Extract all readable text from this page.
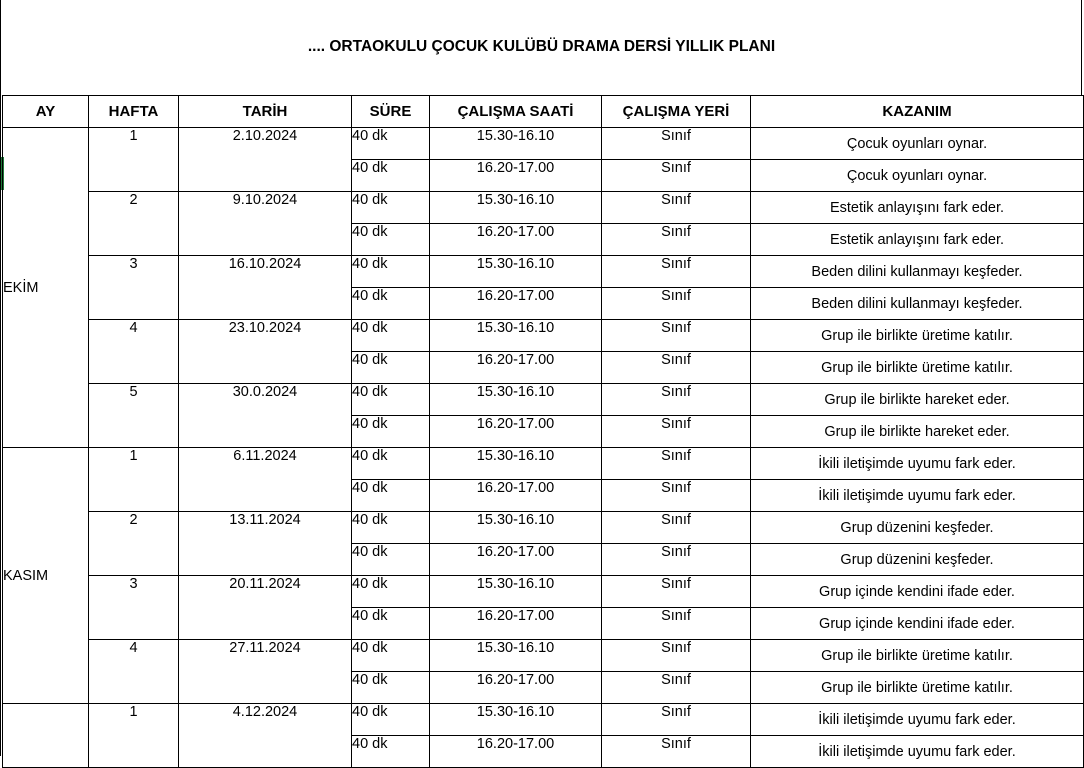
.... ORTAOKULU ÇOCUK KULÜBÜ DRAMA DERSİ YILLIK PLANI
AY	HAFTA	TARİH	SÜRE	ÇALIŞMA SAATİ	ÇALIŞMA YERİ	KAZANIM
EKİM	1	2.10.2024	40 dk	15.30-16.10	Sınıf	Çocuk oyunları oynar.
			40 dk	16.20-17.00	Sınıf	Çocuk oyunları oynar.
	2	9.10.2024	40 dk	15.30-16.10	Sınıf	Estetik anlayışını fark eder.
			40 dk	16.20-17.00	Sınıf	Estetik anlayışını fark eder.
	3	16.10.2024	40 dk	15.30-16.10	Sınıf	Beden dilini kullanmayı keşfeder.
			40 dk	16.20-17.00	Sınıf	Beden dilini kullanmayı keşfeder.
	4	23.10.2024	40 dk	15.30-16.10	Sınıf	Grup ile birlikte üretime katılır.
			40 dk	16.20-17.00	Sınıf	Grup ile birlikte üretime katılır.
	5	30.0.2024	40 dk	15.30-16.10	Sınıf	Grup ile birlikte hareket eder.
			40 dk	16.20-17.00	Sınıf	Grup ile birlikte hareket eder.
KASIM	1	6.11.2024	40 dk	15.30-16.10	Sınıf	İkili iletişimde uyumu fark eder.
			40 dk	16.20-17.00	Sınıf	İkili iletişimde uyumu fark eder.
	2	13.11.2024	40 dk	15.30-16.10	Sınıf	Grup düzenini keşfeder.
			40 dk	16.20-17.00	Sınıf	Grup düzenini keşfeder.
	3	20.11.2024	40 dk	15.30-16.10	Sınıf	Grup içinde kendini ifade eder.
			40 dk	16.20-17.00	Sınıf	Grup içinde kendini ifade eder.
	4	27.11.2024	40 dk	15.30-16.10	Sınıf	Grup ile birlikte üretime katılır.
			40 dk	16.20-17.00	Sınıf	Grup ile birlikte üretime katılır.
	1	4.12.2024	40 dk	15.30-16.10	Sınıf	İkili iletişimde uyumu fark eder.
			40 dk	16.20-17.00	Sınıf	İkili iletişimde uyumu fark eder.
